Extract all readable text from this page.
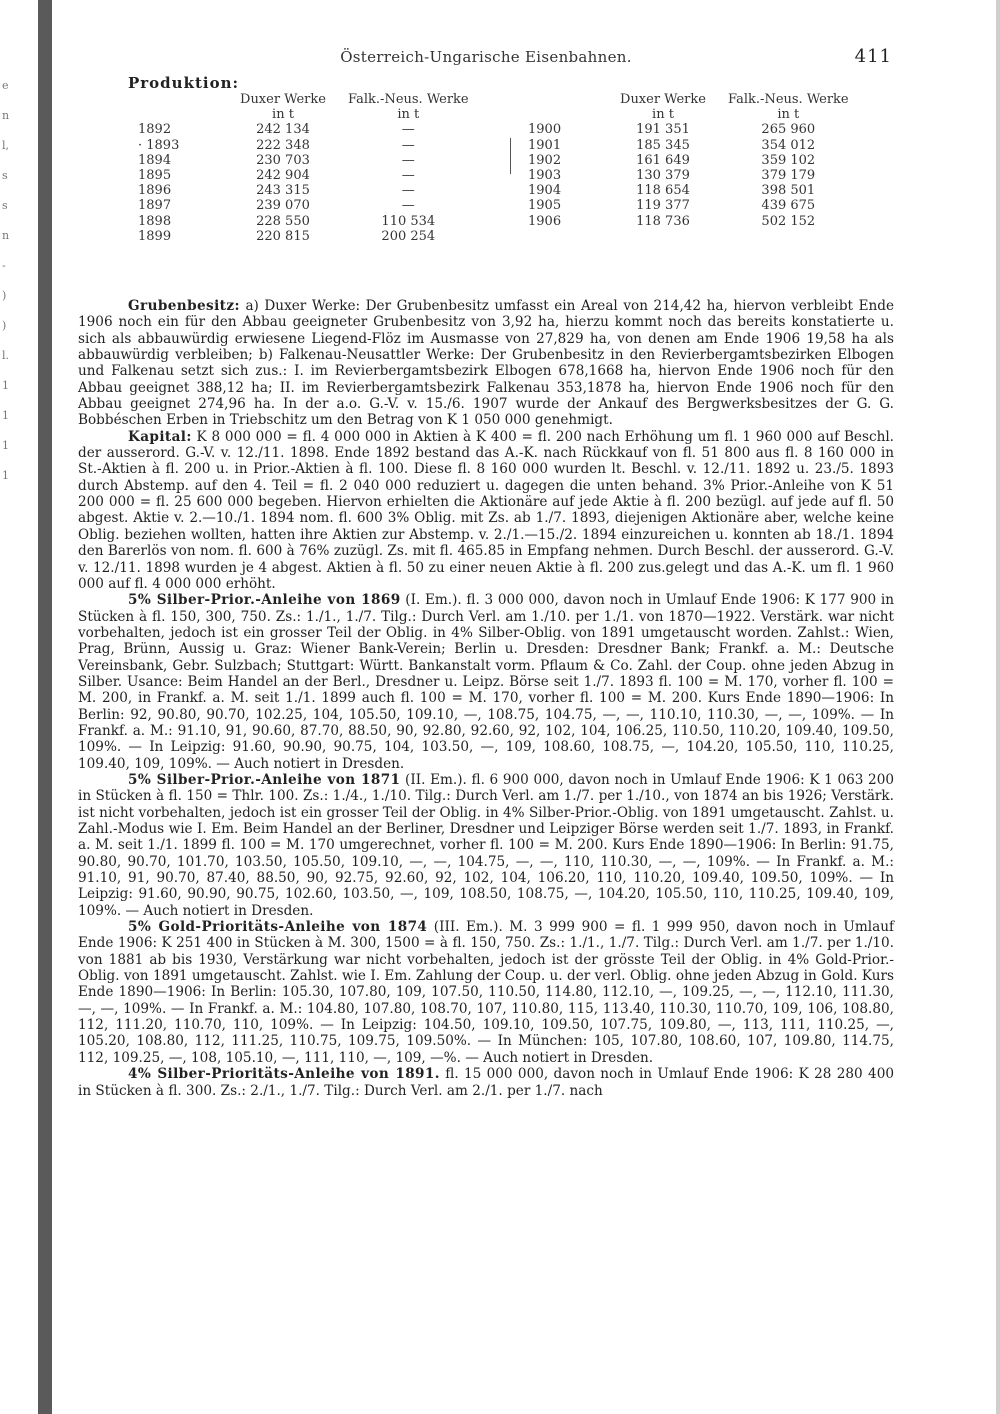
e
n
l,
s
s
n
-
)
)
l.
1
1
1
1
Österreich-Ungarische Eisenbahnen.	411
Produktion:
	Duxer Werke	Falk.-Neus. Werke
	in t	in t
1892	242 134	—
· 1893	222 348	—
1894	230 703	—
1895	242 904	—
1896	243 315	—
1897	239 070	—
1898	228 550	110 534
1899	220 815	200 254
	Duxer Werke	Falk.-Neus. Werke
	in t	in t
1900	191 351	265 960
1901	185 345	354 012
1902	161 649	359 102
1903	130 379	379 179
1904	118 654	398 501
1905	119 377	439 675
1906	118 736	502 152

Grubenbesitz: a) Duxer Werke: Der Grubenbesitz umfasst ein Areal von 214,42 ha, hiervon verbleibt Ende 1906 noch ein für den Abbau geeigneter Grubenbesitz von 3,92 ha, hierzu kommt noch das bereits konstatierte u. sich als abbauwürdig erwiesene Liegend-Flöz im Ausmasse von 27,829 ha, von denen am Ende 1906 19,58 ha als abbauwürdig verbleiben; b) Falkenau-Neusattler Werke: Der Grubenbesitz in den Revierbergamtsbezirken Elbogen und Falkenau setzt sich zus.: I. im Revierbergamtsbezirk Elbogen 678,1668 ha, hiervon Ende 1906 noch für den Abbau geeignet 388,12 ha; II. im Revierbergamtsbezirk Falkenau 353,1878 ha, hiervon Ende 1906 noch für den Abbau geeignet 274,96 ha. In der a.o. G.-V. v. 15./6. 1907 wurde der Ankauf des Bergwerksbesitzes der G. G. Bobbéschen Erben in Triebschitz um den Betrag von K 1 050 000 genehmigt.

Kapital: K 8 000 000 = fl. 4 000 000 in Aktien à K 400 = fl. 200 nach Erhöhung um fl. 1 960 000 auf Beschl. der ausserord. G.-V. v. 12./11. 1898. Ende 1892 bestand das A.-K. nach Rückkauf von fl. 51 800 aus fl. 8 160 000 in St.-Aktien à fl. 200 u. in Prior.-Aktien à fl. 100. Diese fl. 8 160 000 wurden lt. Beschl. v. 12./11. 1892 u. 23./5. 1893 durch Abstemp. auf den 4. Teil = fl. 2 040 000 reduziert u. dagegen die unten behand. 3% Prior.-Anleihe von K 51 200 000 = fl. 25 600 000 begeben. Hiervon erhielten die Aktionäre auf jede Aktie à fl. 200 bezügl. auf jede auf fl. 50 abgest. Aktie v. 2.—10./1. 1894 nom. fl. 600 3% Oblig. mit Zs. ab 1./7. 1893, diejenigen Aktionäre aber, welche keine Oblig. beziehen wollten, hatten ihre Aktien zur Abstemp. v. 2./1.—15./2. 1894 einzureichen u. konnten ab 18./1. 1894 den Barerlös von nom. fl. 600 à 76% zuzügl. Zs. mit fl. 465.85 in Empfang nehmen. Durch Beschl. der ausserord. G.-V. v. 12./11. 1898 wurden je 4 abgest. Aktien à fl. 50 zu einer neuen Aktie à fl. 200 zus.gelegt und das A.-K. um fl. 1 960 000 auf fl. 4 000 000 erhöht.

5% Silber-Prior.-Anleihe von 1869 (I. Em.). fl. 3 000 000, davon noch in Umlauf Ende 1906: K 177 900 in Stücken à fl. 150, 300, 750. Zs.: 1./1., 1./7. Tilg.: Durch Verl. am 1./10. per 1./1. von 1870—1922. Verstärk. war nicht vorbehalten, jedoch ist ein grosser Teil der Oblig. in 4% Silber-Oblig. von 1891 umgetauscht worden. Zahlst.: Wien, Prag, Brünn, Aussig u. Graz: Wiener Bank-Verein; Berlin u. Dresden: Dresdner Bank; Frankf. a. M.: Deutsche Vereinsbank, Gebr. Sulzbach; Stuttgart: Württ. Bankanstalt vorm. Pflaum & Co. Zahl. der Coup. ohne jeden Abzug in Silber. Usance: Beim Handel an der Berl., Dresdner u. Leipz. Börse seit 1./7. 1893 fl. 100 = M. 170, vorher fl. 100 = M. 200, in Frankf. a. M. seit 1./1. 1899 auch fl. 100 = M. 170, vorher fl. 100 = M. 200. Kurs Ende 1890—1906: In Berlin: 92, 90.80, 90.70, 102.25, 104, 105.50, 109.10, —, 108.75, 104.75, —, —, 110.10, 110.30, —, —, 109%. — In Frankf. a. M.: 91.10, 91, 90.60, 87.70, 88.50, 90, 92.80, 92.60, 92, 102, 104, 106.25, 110.50, 110.20, 109.40, 109.50, 109%. — In Leipzig: 91.60, 90.90, 90.75, 104, 103.50, —, 109, 108.60, 108.75, —, 104.20, 105.50, 110, 110.25, 109.40, 109, 109%. — Auch notiert in Dresden.

5% Silber-Prior.-Anleihe von 1871 (II. Em.). fl. 6 900 000, davon noch in Umlauf Ende 1906: K 1 063 200 in Stücken à fl. 150 = Thlr. 100. Zs.: 1./4., 1./10. Tilg.: Durch Verl. am 1./7. per 1./10., von 1874 an bis 1926; Verstärk. ist nicht vorbehalten, jedoch ist ein grosser Teil der Oblig. in 4% Silber-Prior.-Oblig. von 1891 umgetauscht. Zahlst. u. Zahl.-Modus wie I. Em. Beim Handel an der Berliner, Dresdner und Leipziger Börse werden seit 1./7. 1893, in Frankf. a. M. seit 1./1. 1899 fl. 100 = M. 170 umgerechnet, vorher fl. 100 = M. 200. Kurs Ende 1890—1906: In Berlin: 91.75, 90.80, 90.70, 101.70, 103.50, 105.50, 109.10, —, —, 104.75, —, —, 110, 110.30, —, —, 109%. — In Frankf. a. M.: 91.10, 91, 90.70, 87.40, 88.50, 90, 92.75, 92.60, 92, 102, 104, 106.20, 110, 110.20, 109.40, 109.50, 109%. — In Leipzig: 91.60, 90.90, 90.75, 102.60, 103.50, —, 109, 108.50, 108.75, —, 104.20, 105.50, 110, 110.25, 109.40, 109, 109%. — Auch notiert in Dresden.

5% Gold-Prioritäts-Anleihe von 1874 (III. Em.). M. 3 999 900 = fl. 1 999 950, davon noch in Umlauf Ende 1906: K 251 400 in Stücken à M. 300, 1500 = à fl. 150, 750. Zs.: 1./1., 1./7. Tilg.: Durch Verl. am 1./7. per 1./10. von 1881 ab bis 1930, Verstärkung war nicht vorbehalten, jedoch ist der grösste Teil der Oblig. in 4% Gold-Prior.-Oblig. von 1891 umgetauscht. Zahlst. wie I. Em. Zahlung der Coup. u. der verl. Oblig. ohne jeden Abzug in Gold. Kurs Ende 1890—1906: In Berlin: 105.30, 107.80, 109, 107.50, 110.50, 114.80, 112.10, —, 109.25, —, —, 112.10, 111.30, —, —, 109%. — In Frankf. a. M.: 104.80, 107.80, 108.70, 107, 110.80, 115, 113.40, 110.30, 110.70, 109, 106, 108.80, 112, 111.20, 110.70, 110, 109%. — In Leipzig: 104.50, 109.10, 109.50, 107.75, 109.80, —, 113, 111, 110.25, —, 105.20, 108.80, 112, 111.25, 110.75, 109.75, 109.50%. — In München: 105, 107.80, 108.60, 107, 109.80, 114.75, 112, 109.25, —, 108, 105.10, —, 111, 110, —, 109, —%. — Auch notiert in Dresden.

4% Silber-Prioritäts-Anleihe von 1891. fl. 15 000 000, davon noch in Umlauf Ende 1906: K 28 280 400 in Stücken à fl. 300. Zs.: 2./1., 1./7. Tilg.: Durch Verl. am 2./1. per 1./7. nach
